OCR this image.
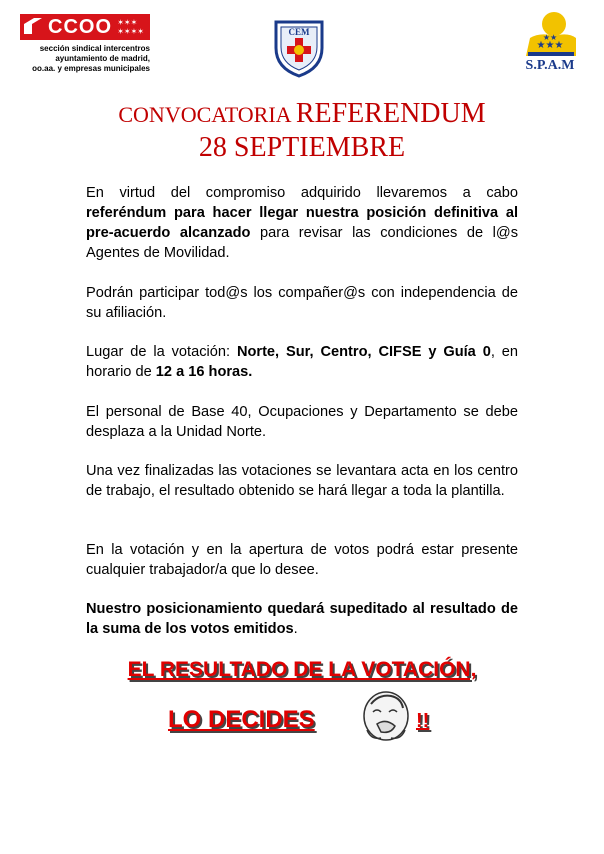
CCOO ✶✶✶
✶✶✶✶
sección sindical intercentros
ayuntamiento de madrid,
oo.aa. y empresas municipales
CEM
★★★
★★
S.P.A.M
CONVOCATORIA REFERENDUM
28 SEPTIEMBRE

En virtud del compromiso adquirido llevaremos a cabo referéndum para hacer llegar nuestra posición definitiva al pre-acuerdo alcanzado para revisar las condiciones de l@s Agentes de Movilidad.

Podrán participar tod@s los compañer@s con independencia de su afiliación.

Lugar de la votación: Norte, Sur, Centro, CIFSE y Guía 0, en horario de 12 a 16 horas.

El personal de Base 40, Ocupaciones y Departamento se debe desplaza a la Unidad Norte.

Una vez finalizadas las votaciones se levantara acta en los centro de trabajo, el resultado obtenido se hará llegar a toda la plantilla.

En la votación y en la apertura de votos podrá estar presente cualquier trabajador/a que lo desee.

Nuestro posicionamiento quedará supeditado al resultado de la suma de los votos emitidos.

EL RESULTADO DE LA VOTACIÓN,
LO DECIDES	!!
